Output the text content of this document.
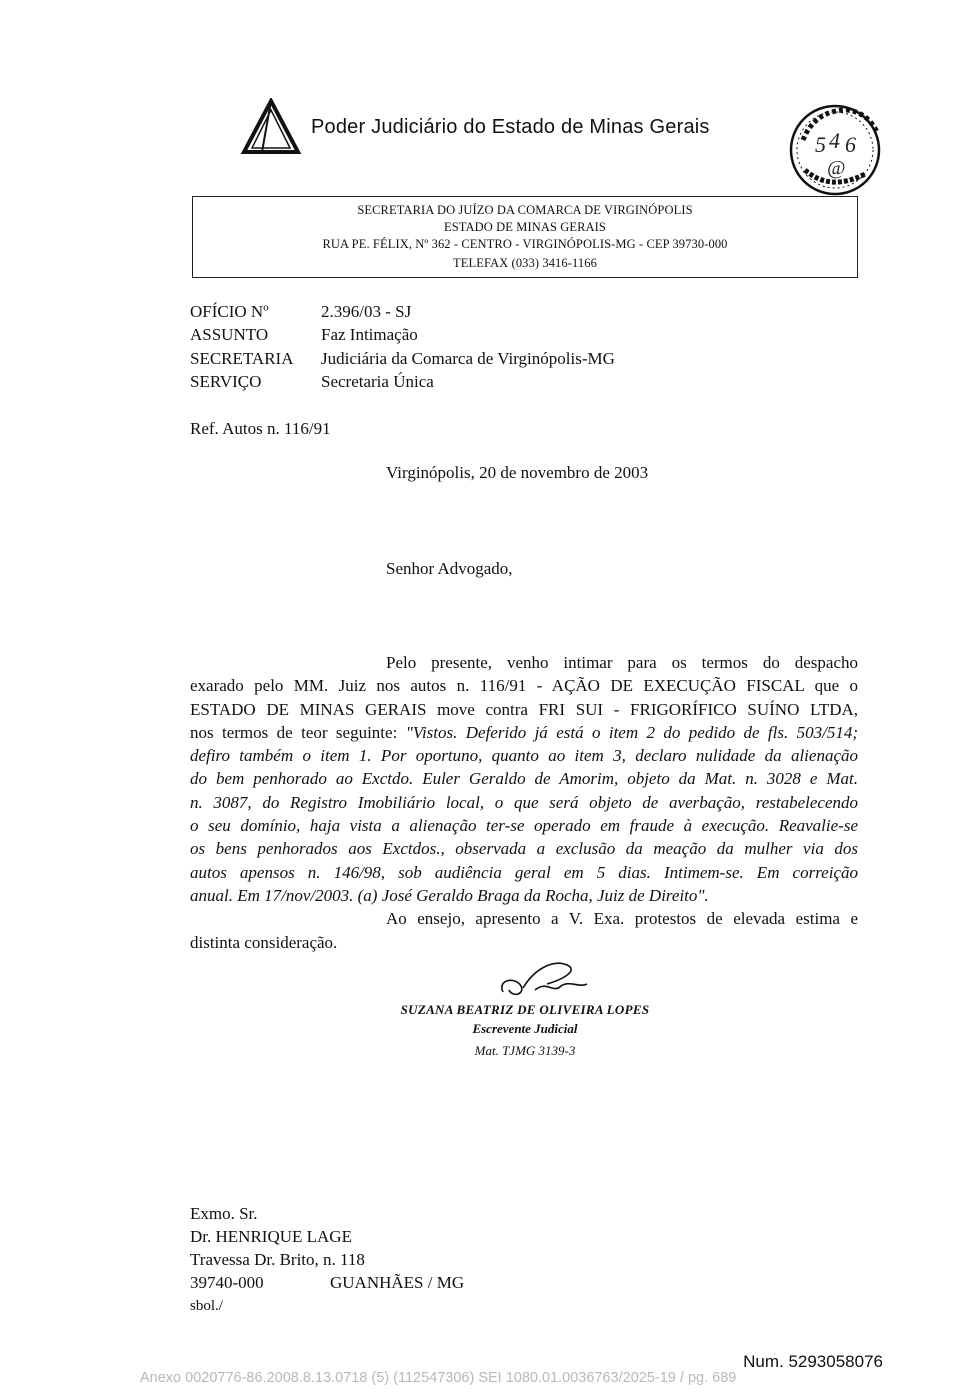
Poder Judiciário do Estado de Minas Gerais
5 4 6
@
SECRETARIA DO JUÍZO DA COMARCA DE VIRGINÓPOLIS
ESTADO DE MINAS GERAIS
RUA PE. FÉLIX, Nº 362 - CENTRO - VIRGINÓPOLIS-MG - CEP 39730-000
TELEFAX (033) 3416-1166
OFÍCIO Nº	2.396/03 - SJ
ASSUNTO	Faz Intimação
SECRETARIA Judiciária da Comarca de Virginópolis-MG
SERVIÇO	Secretaria Única
Ref. Autos n. 116/91
Virginópolis, 20 de novembro de 2003
Senhor Advogado,
Pelo presente, venho intimar para os termos do despacho
exarado pelo MM. Juiz nos autos n. 116/91 - AÇÃO DE EXECUÇÃO FISCAL que o
ESTADO DE MINAS GERAIS move contra FRI SUI - FRIGORÍFICO SUÍNO LTDA,
nos termos de teor seguinte: "Vistos. Deferido já está o item 2 do pedido de fls. 503/514;
defiro também o item 1. Por oportuno, quanto ao item 3, declaro nulidade da alienação
do bem penhorado ao Exctdo. Euler Geraldo de Amorim, objeto da Mat. n. 3028 e Mat.
n. 3087, do Registro Imobiliário local, o que será objeto de averbação, restabelecendo
o seu domínio, haja vista a alienação ter-se operado em fraude à execução. Reavalie-se
os bens penhorados aos Exctdos., observada a exclusão da meação da mulher via dos
autos apensos n. 146/98, sob audiência geral em 5 dias. Intimem-se. Em correição
anual. Em 17/nov/2003. (a) José Geraldo Braga da Rocha, Juiz de Direito".
Ao ensejo, apresento a V. Exa. protestos de elevada estima e
distinta consideração.
SUZANA BEATRIZ DE OLIVEIRA LOPES
Escrevente Judicial
Mat. TJMG 3139-3
Exmo. Sr.
Dr. HENRIQUE LAGE
Travessa Dr. Brito, n. 118
39740-000	GUANHÃES / MG
sbol./
Num. 5293058076
Anexo 0020776-86.2008.8.13.0718 (5) (112547306) SEI 1080.01.0036763/2025-19 / pg. 689
